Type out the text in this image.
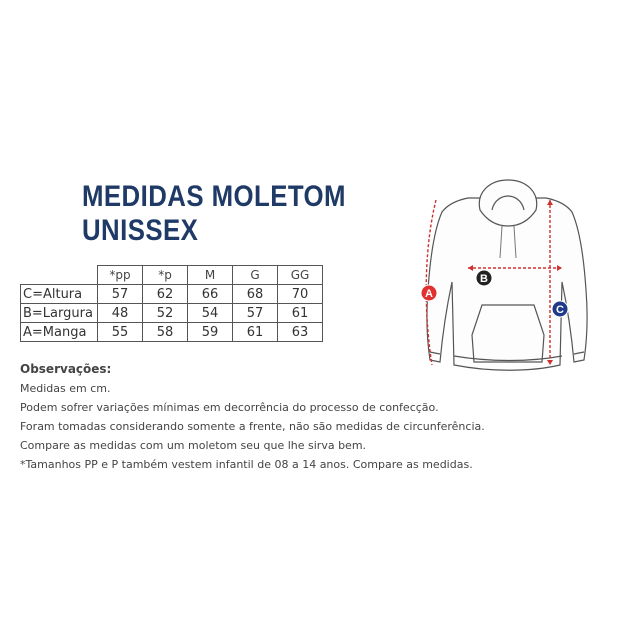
MEDIDAS MOLETOM
UNISSEX
	*pp	*p	M	G	GG
C=Altura	57	62	66	68	70
B=Largura	48	52	54	57	61
A=Manga	55	58	59	61	63
Observações:
Medidas em cm.
Podem sofrer variações mínimas em decorrência do processo de confecção.
Foram tomadas considerando somente a frente, não são medidas de circunferência.
Compare as medidas com um moletom seu que lhe sirva bem.
*Tamanhos PP e P também vestem infantil de 08 a 14 anos. Compare as medidas.
A
B
C
